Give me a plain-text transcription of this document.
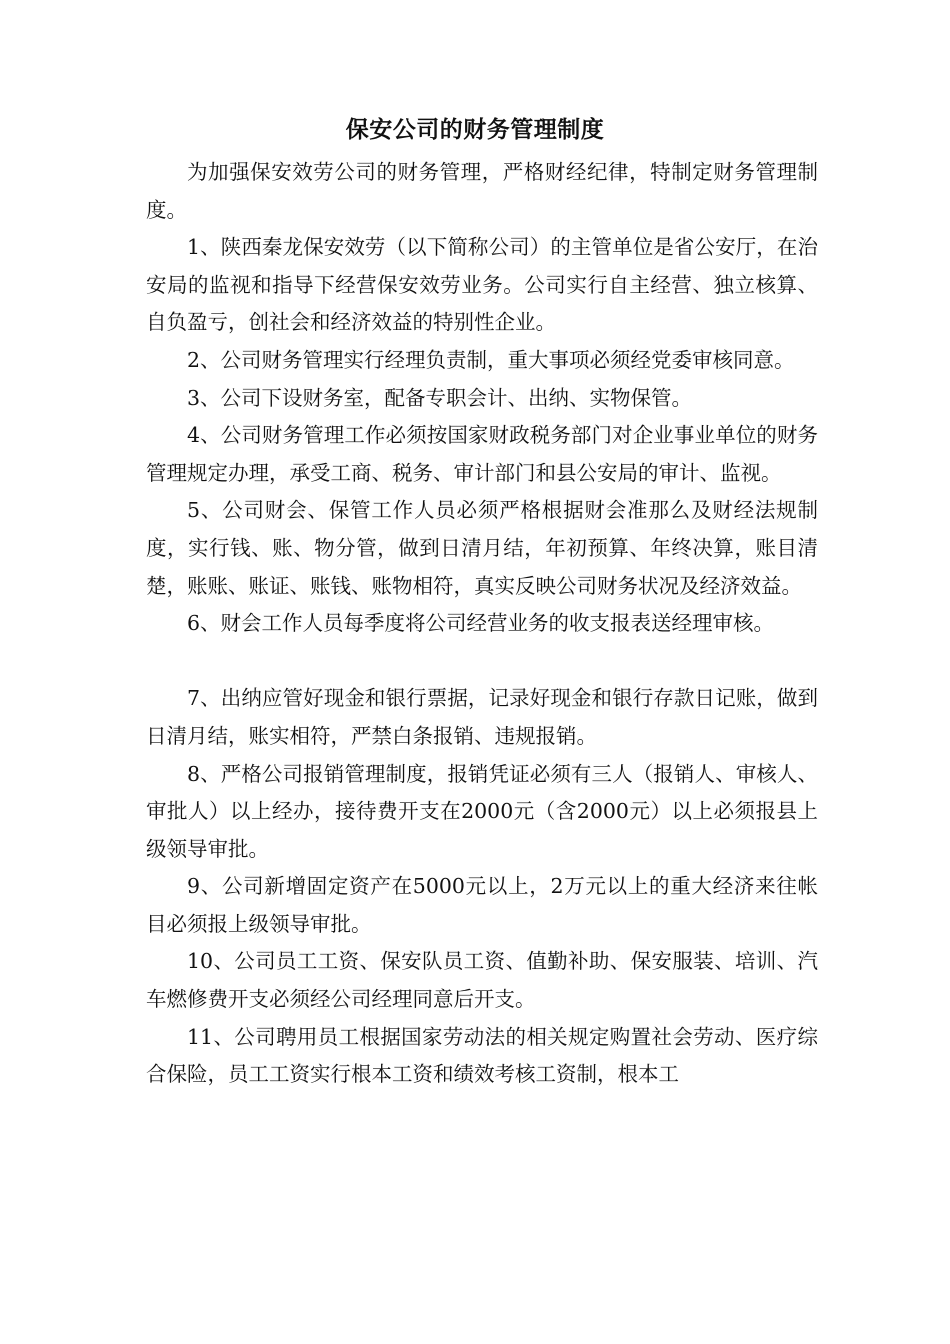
保安公司的财务管理制度

为加强保安效劳公司的财务管理，严格财经纪律，特制定财务管理制度。

1、陕西秦龙保安效劳（以下简称公司）的主管单位是省公安厅，在治安局的监视和指导下经营保安效劳业务。公司实行自主经营、独立核算、自负盈亏，创社会和经济效益的特别性企业。

2、公司财务管理实行经理负责制，重大事项必须经党委审核同意。

3、公司下设财务室，配备专职会计、出纳、实物保管。

4、公司财务管理工作必须按国家财政税务部门对企业事业单位的财务管理规定办理，承受工商、税务、审计部门和县公安局的审计、监视。

5、公司财会、保管工作人员必须严格根据财会准那么及财经法规制度，实行钱、账、物分管，做到日清月结，年初预算、年终决算，账目清楚，账账、账证、账钱、账物相符，真实反映公司财务状况及经济效益。

6、财会工作人员每季度将公司经营业务的收支报表送经理审核。

7、出纳应管好现金和银行票据，记录好现金和银行存款日记账，做到日清月结，账实相符，严禁白条报销、违规报销。

8、严格公司报销管理制度，报销凭证必须有三人（报销人、审核人、审批人）以上经办，接待费开支在2000元（含2000元）以上必须报县上级领导审批。

9、公司新增固定资产在5000元以上，2万元以上的重大经济来往帐目必须报上级领导审批。

10、公司员工工资、保安队员工资、值勤补助、保安服装、培训、汽车燃修费开支必须经公司经理同意后开支。

11、公司聘用员工根据国家劳动法的相关规定购置社会劳动、医疗综合保险，员工工资实行根本工资和绩效考核工资制，根本工
